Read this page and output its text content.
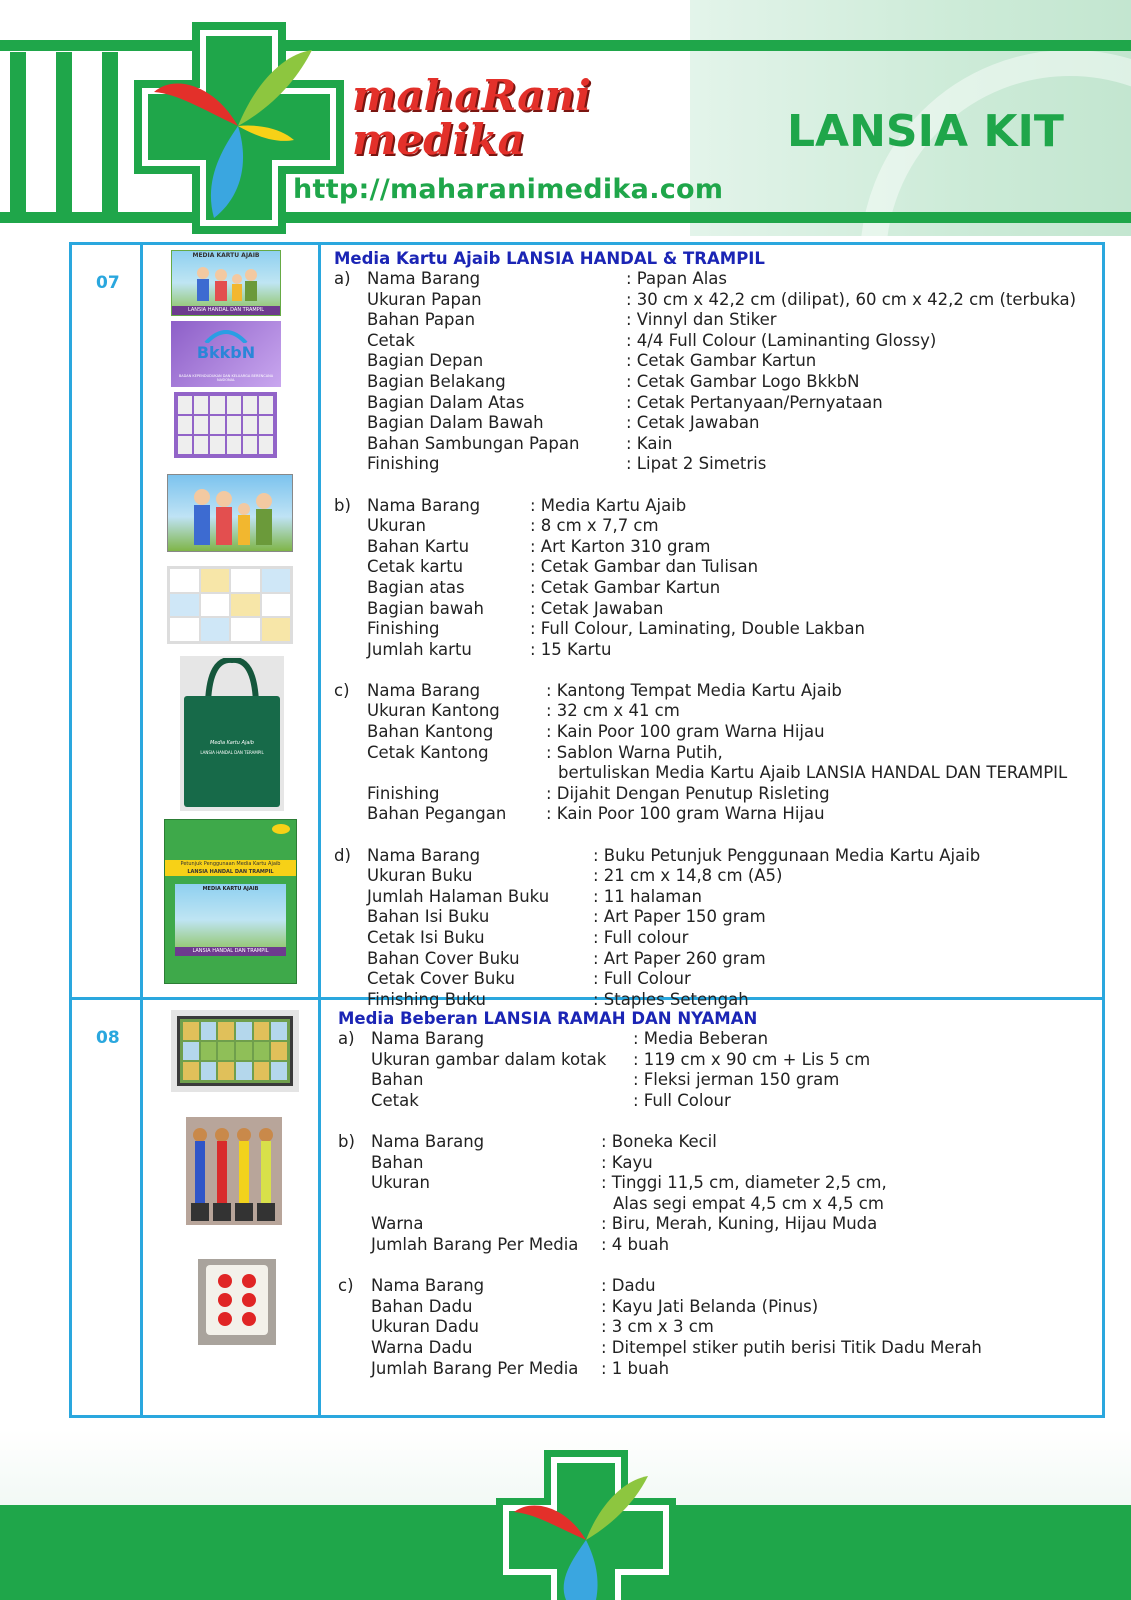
mahaRani
medika
http://maharanimedika.com
LANSIA KIT
07
MEDIA KARTU AJAIB
LANSIA HANDAL DAN TRAMPIL
BkkbN
BADAN KEPENDUDUKAN DAN KELUARGA BERENCANA NASIONAL
Media Kartu Ajaib
LANSIA HANDAL DAN TERAMPIL
Petunjuk Penggunaan Media Kartu Ajaib
LANSIA HANDAL DAN TRAMPIL
MEDIA KARTU AJAIB
LANSIA HANDAL DAN TRAMPIL
Media Kartu Ajaib LANSIA HANDAL & TRAMPIL
a) Nama Barang	: Papan Alas
Ukuran Papan	: 30 cm x 42,2 cm (dilipat), 60 cm x 42,2 cm (terbuka)
Bahan Papan	: Vinnyl dan Stiker
Cetak	: 4/4 Full Colour (Laminanting Glossy)
Bagian Depan	: Cetak Gambar Kartun
Bagian Belakang	: Cetak Gambar Logo BkkbN
Bagian Dalam Atas	: Cetak Pertanyaan/Pernyataan
Bagian Dalam Bawah	: Cetak Jawaban
Bahan Sambungan Papan	: Kain
Finishing	: Lipat 2 Simetris
b) Nama Barang	: Media Kartu Ajaib
Ukuran	: 8 cm x 7,7 cm
Bahan Kartu	: Art Karton 310 gram
Cetak kartu	: Cetak Gambar dan Tulisan
Bagian atas	: Cetak Gambar Kartun
Bagian bawah	: Cetak Jawaban
Finishing	: Full Colour, Laminating, Double Lakban
Jumlah kartu	: 15 Kartu
c)	Nama Barang	: Kantong Tempat Media Kartu Ajaib
Ukuran Kantong	: 32 cm x 41 cm
Bahan Kantong	: Kain Poor 100 gram Warna Hijau
Cetak Kantong	: Sablon Warna Putih,
bertuliskan Media Kartu Ajaib LANSIA HANDAL DAN TERAMPIL
Finishing	: Dijahit Dengan Penutup Risleting
Bahan Pegangan	: Kain Poor 100 gram Warna Hijau
d) Nama Barang	: Buku Petunjuk Penggunaan Media Kartu Ajaib
Ukuran Buku	: 21 cm x 14,8 cm (A5)
Jumlah Halaman Buku	: 11 halaman
Bahan Isi Buku	: Art Paper 150 gram
Cetak Isi Buku	: Full colour
Bahan Cover Buku	: Art Paper 260 gram
Cetak Cover Buku	: Full Colour
Finishing Buku	: Staples Setengah
08
Media Beberan LANSIA RAMAH DAN NYAMAN
a) Nama Barang	: Media Beberan
Ukuran gambar dalam kotak	: 119 cm x 90 cm + Lis 5 cm
Bahan	: Fleksi jerman 150 gram
Cetak	: Full Colour
b) Nama Barang	: Boneka Kecil
Bahan	: Kayu
Ukuran	: Tinggi 11,5 cm, diameter 2,5 cm,
Alas segi empat 4,5 cm x 4,5 cm
Warna	: Biru, Merah, Kuning, Hijau Muda
Jumlah Barang Per Media	: 4 buah
c)	Nama Barang	: Dadu
Bahan Dadu	: Kayu Jati Belanda (Pinus)
Ukuran Dadu	: 3 cm x 3 cm
Warna Dadu	: Ditempel stiker putih berisi Titik Dadu Merah
Jumlah Barang Per Media	: 1 buah
